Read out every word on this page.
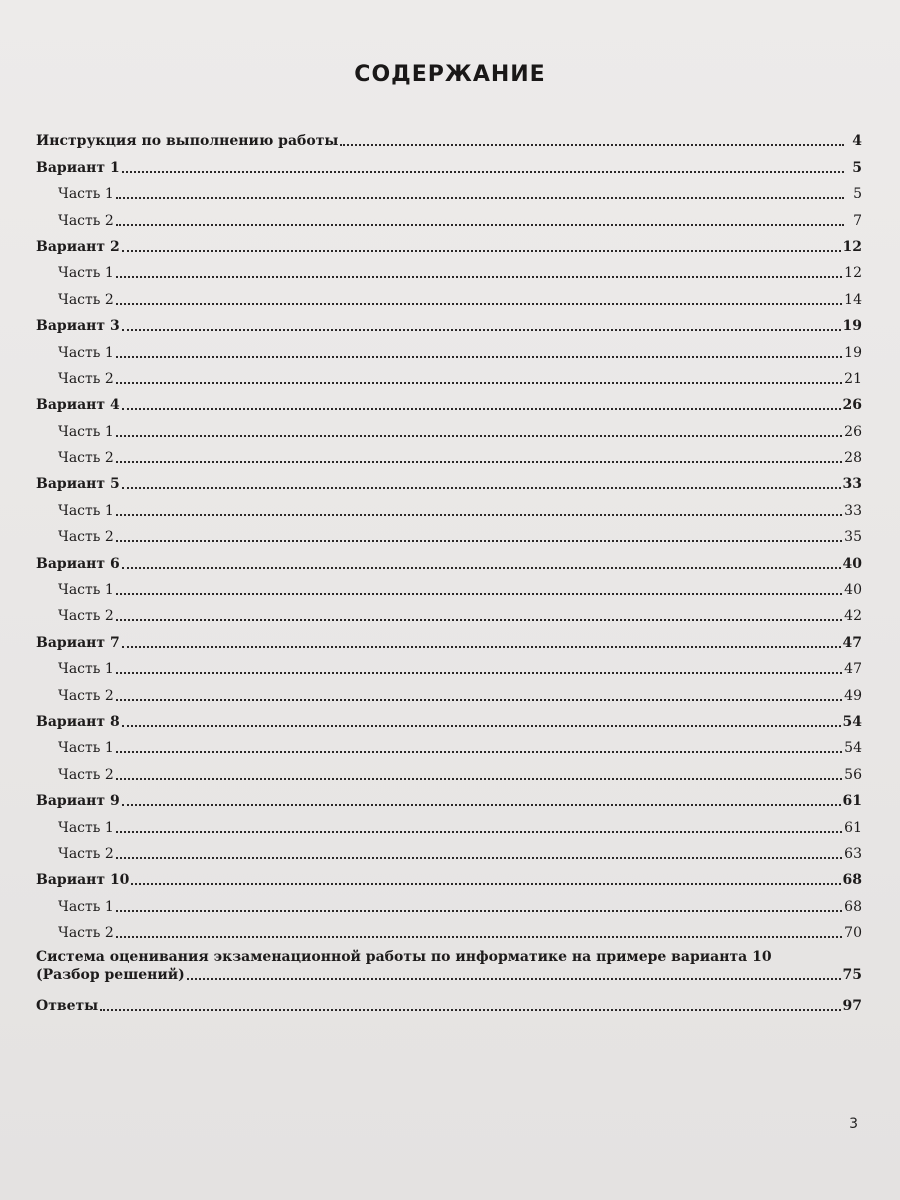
СОДЕРЖАНИЕ
Инструкция по выполнению работы	4
Вариант 1	5
Часть 1	5
Часть 2	7
Вариант 2	12
Часть 1	12
Часть 2	14
Вариант 3	19
Часть 1	19
Часть 2	21
Вариант 4	26
Часть 1	26
Часть 2	28
Вариант 5	33
Часть 1	33
Часть 2	35
Вариант 6	40
Часть 1	40
Часть 2	42
Вариант 7	47
Часть 1	47
Часть 2	49
Вариант 8	54
Часть 1	54
Часть 2	56
Вариант 9	61
Часть 1	61
Часть 2	63
Вариант 10	68
Часть 1	68
Часть 2	70
Система оценивания экзаменационной работы по информатике на примере варианта 10
(Разбор решений)	75
Ответы	97
3
